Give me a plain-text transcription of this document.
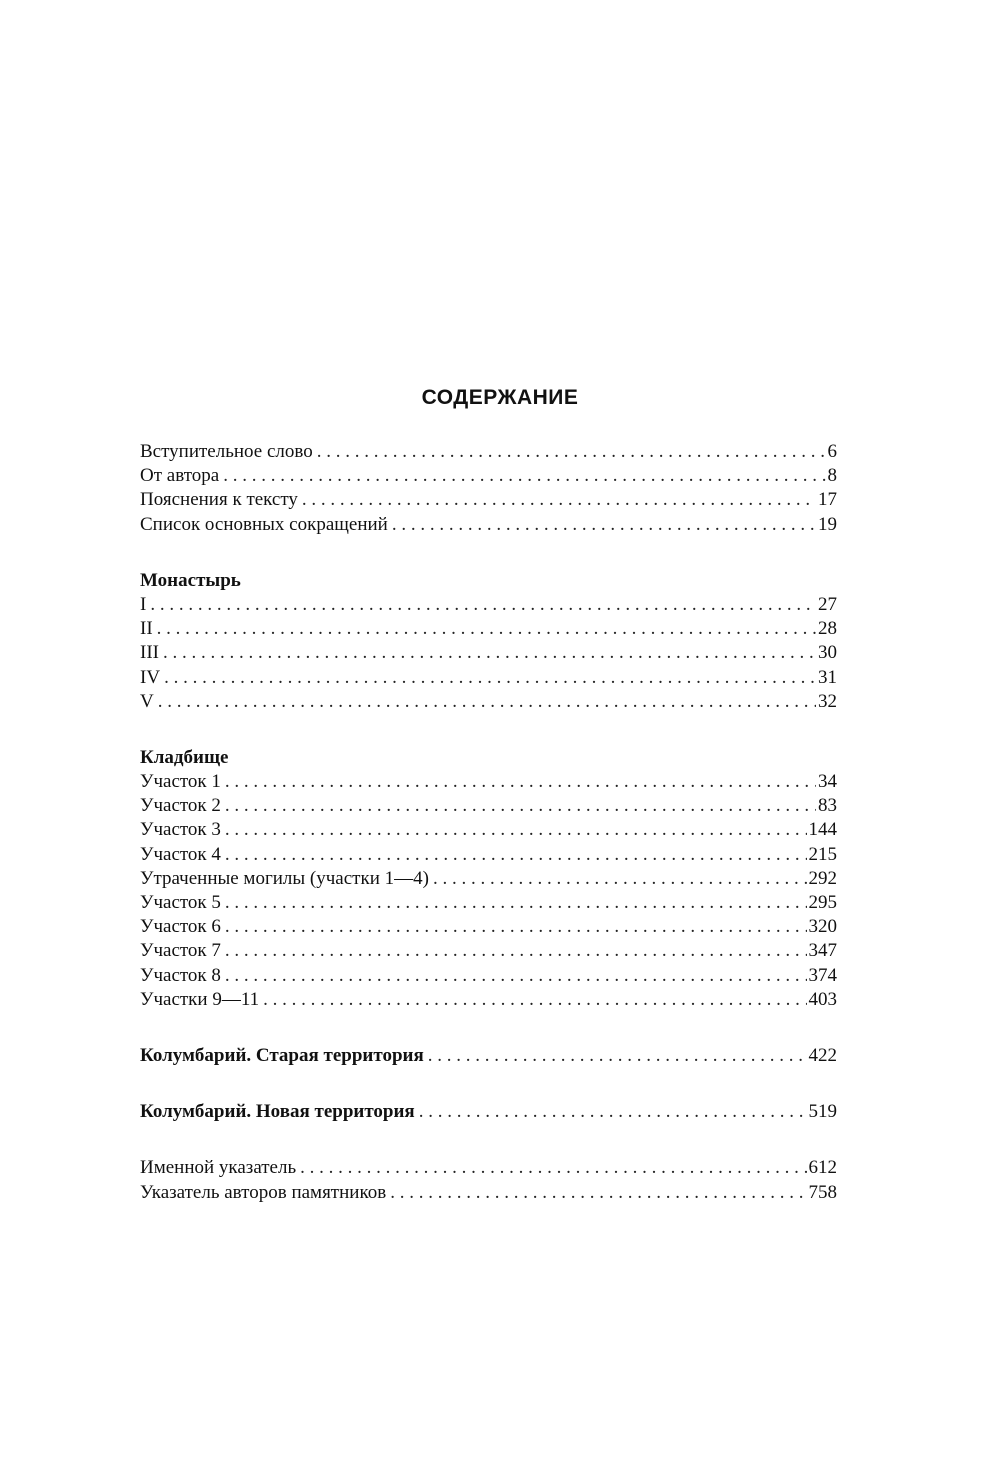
СОДЕРЖАНИЕ
Вступительное слово . . .	6
От автора . . .	8
Пояснения к тексту . . .	17
Список основных сокращений . . .	19
Монастырь
I . . .	27
II . . .	28
III . . .	30
IV . . .	31
V . . .	32
Кладбище
Участок 1 . . .	34
Участок 2 . . .	83
Участок 3 . . .	144
Участок 4 . . .	215
Утраченные могилы (участки 1—4) . . .	292
Участок 5 . . .	295
Участок 6 . . .	320
Участок 7 . . .	347
Участок 8 . . .	374
Участки 9—11 . . .	403
Колумбарий. Старая территория . . .	422
Колумбарий. Новая территория . . .	519
Именной указатель . . .	612
Указатель авторов памятников . . .	758
